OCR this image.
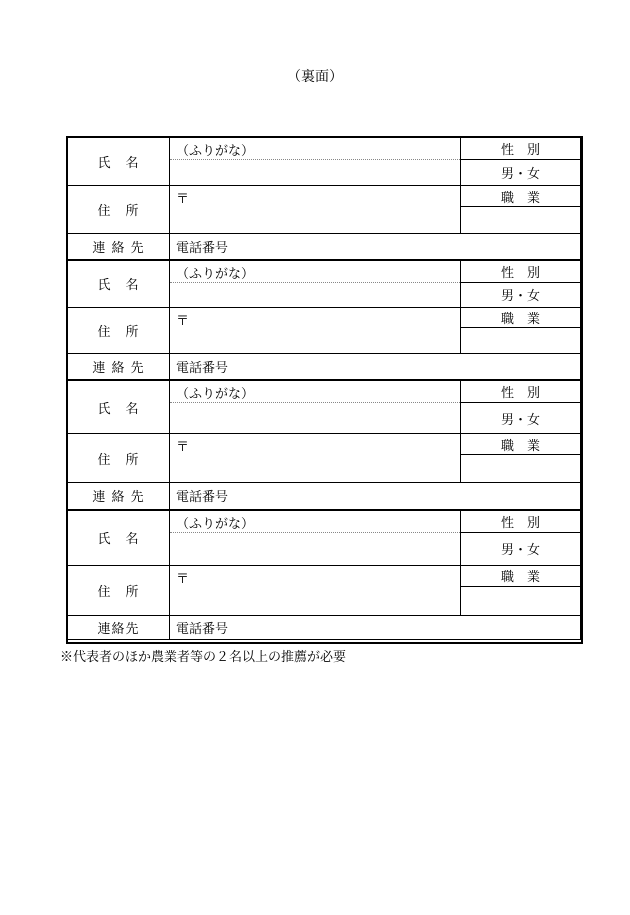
（裏面）
氏　名	（ふりがな）	性　別
		男・女
住　所	〒	職　業

連 絡 先	電話番号	
氏　名	（ふりがな）	性　別
		男・女
住　所	〒	職　業

連 絡 先	電話番号	
氏　名	（ふりがな）	性　別
		男・女
住　所	〒	職　業

連 絡 先	電話番号	
氏　名	（ふりがな）	性　別
		男・女
住　所	〒	職　業

連絡先	電話番号	
※代表者のほか農業者等の２名以上の推薦が必要
